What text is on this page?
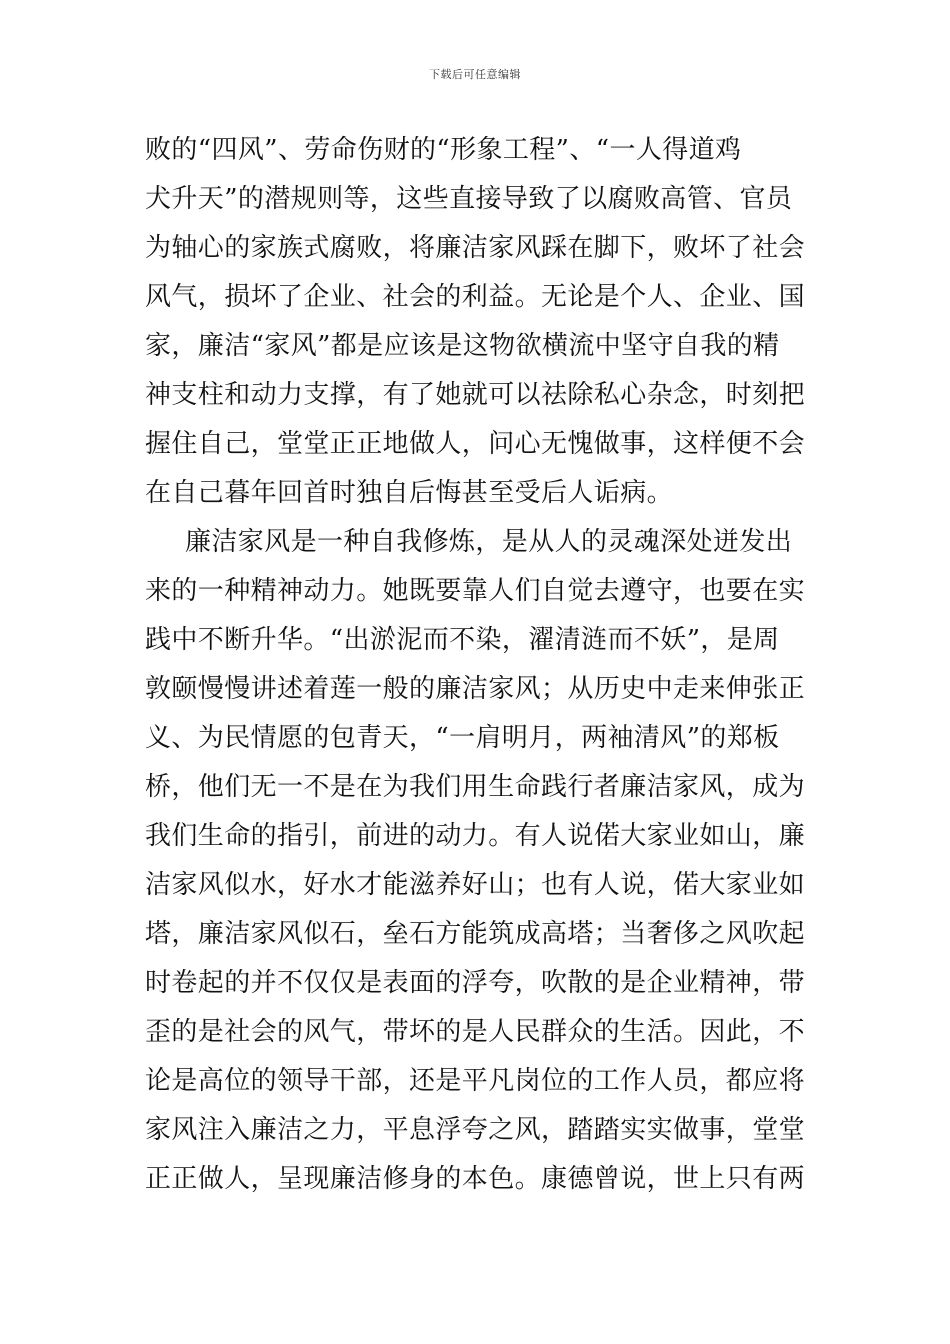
下载后可任意编辑
败的“四风”、劳命伤财的“形象工程”、“一人得道鸡
犬升天”的潜规则等，这些直接导致了以腐败高管、官员
为轴心的家族式腐败，将廉洁家风踩在脚下，败坏了社会
风气，损坏了企业、社会的利益。无论是个人、企业、国
家，廉洁“家风”都是应该是这物欲横流中坚守自我的精
神支柱和动力支撑，有了她就可以祛除私心杂念，时刻把
握住自己，堂堂正正地做人，问心无愧做事，这样便不会
在自己暮年回首时独自后悔甚至受后人诟病。
廉洁家风是一种自我修炼，是从人的灵魂深处迸发出
来的一种精神动力。她既要靠人们自觉去遵守，也要在实
践中不断升华。“出淤泥而不染，濯清涟而不妖”，是周
敦颐慢慢讲述着莲一般的廉洁家风；从历史中走来伸张正
义、为民情愿的包青天，“一肩明月，两袖清风”的郑板
桥，他们无一不是在为我们用生命践行者廉洁家风，成为
我们生命的指引，前进的动力。有人说偌大家业如山，廉
洁家风似水，好水才能滋养好山；也有人说，偌大家业如
塔，廉洁家风似石，垒石方能筑成高塔；当奢侈之风吹起
时卷起的并不仅仅是表面的浮夸，吹散的是企业精神，带
歪的是社会的风气，带坏的是人民群众的生活。因此，不
论是高位的领导干部，还是平凡岗位的工作人员，都应将
家风注入廉洁之力，平息浮夸之风，踏踏实实做事，堂堂
正正做人，呈现廉洁修身的本色。康德曾说，世上只有两
